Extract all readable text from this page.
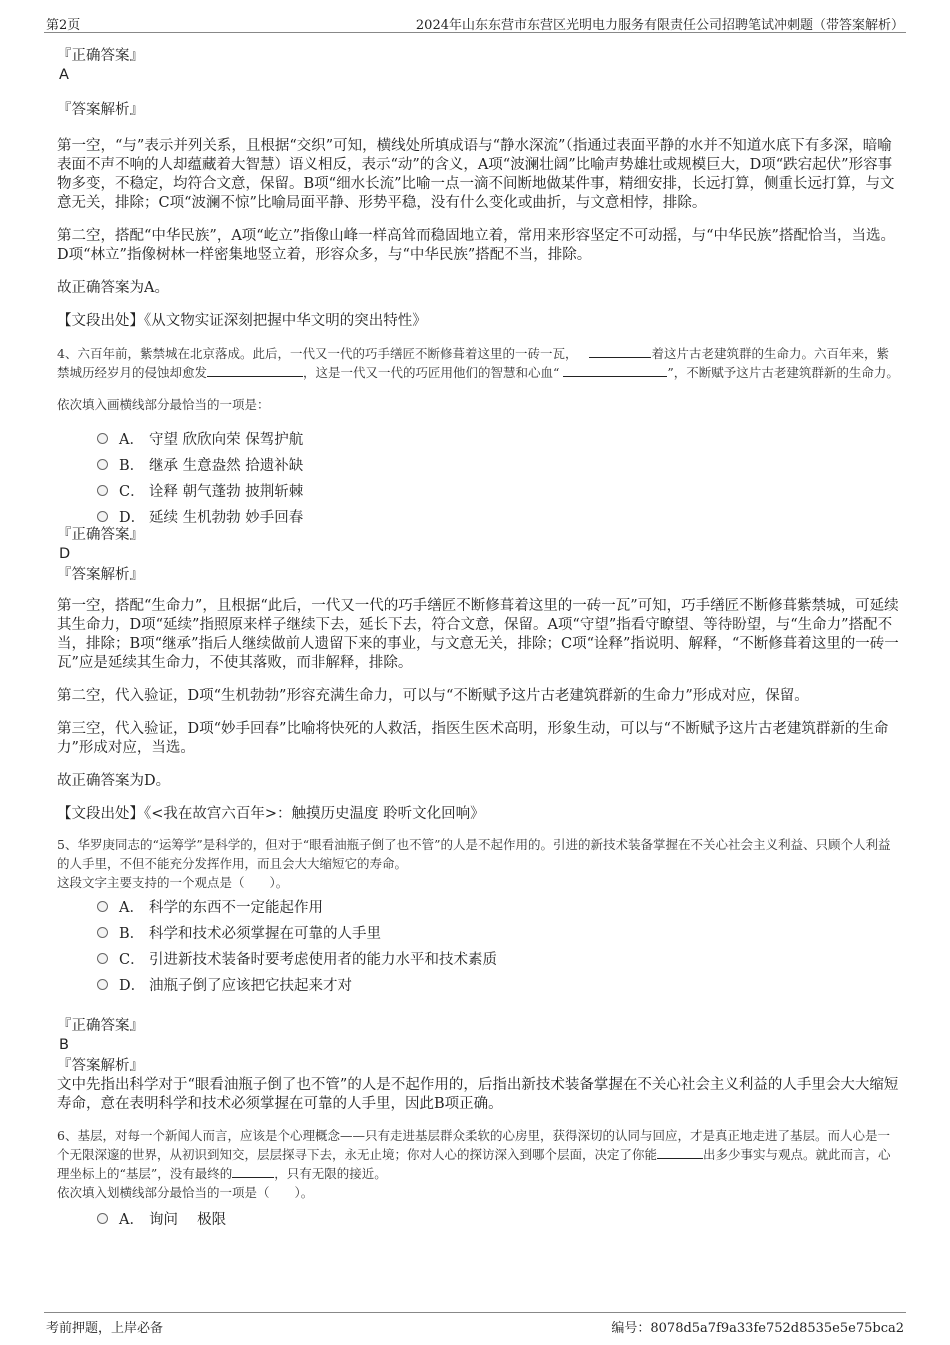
第2页	2024年山东东营市东营区光明电力服务有限责任公司招聘笔试冲刺题（带答案解析）
『正确答案』
A
『答案解析』

第一空，“与”表示并列关系，且根据“交织”可知，横线处所填成语与“静水深流”（指通过表面平静的水并不知道水底下有多深，暗喻表面不声不响的人却蕴藏着大智慧）语义相反，表示“动”的含义，A项“波澜壮阔”比喻声势雄壮或规模巨大，D项“跌宕起伏”形容事物多变，不稳定，均符合文意，保留。B项“细水长流”比喻一点一滴不间断地做某件事，精细安排，长远打算，侧重长远打算，与文意无关，排除；C项“波澜不惊”比喻局面平静、形势平稳，没有什么变化或曲折，与文意相悖，排除。

第二空，搭配“中华民族”，A项“屹立”指像山峰一样高耸而稳固地立着，常用来形容坚定不可动摇，与“中华民族”搭配恰当，当选。D项“林立”指像树林一样密集地竖立着，形容众多，与“中华民族”搭配不当，排除。

故正确答案为A。

【文段出处】《从文物实证深刻把握中华文明的突出特性》

4、六百年前，紫禁城在北京落成。此后，一代又一代的巧手缮匠不断修葺着这里的一砖一瓦，	着这片古老建筑群的生命力。六百年来，紫禁城历经岁月的侵蚀却愈发	，这是一代又一代的巧匠用他们的智慧和心血“	”，不断赋予这片古老建筑群新的生命力。

依次填入画横线部分最恰当的一项是：

A． 守望 欣欣向荣 保驾护航
B． 继承 生意盎然 拾遗补缺
C． 诠释 朝气蓬勃 披荆斩棘
D． 延续 生机勃勃 妙手回春
『正确答案』
D
『答案解析』

第一空，搭配“生命力”，且根据“此后，一代又一代的巧手缮匠不断修葺着这里的一砖一瓦”可知，巧手缮匠不断修葺紫禁城，可延续其生命力，D项“延续”指照原来样子继续下去，延长下去，符合文意，保留。A项“守望”指看守瞭望、等待盼望，与“生命力”搭配不当，排除；B项“继承”指后人继续做前人遗留下来的事业，与文意无关，排除；C项“诠释”指说明、解释，“不断修葺着这里的一砖一瓦”应是延续其生命力，不使其落败，而非解释，排除。

第二空，代入验证，D项“生机勃勃”形容充满生命力，可以与“不断赋予这片古老建筑群新的生命力”形成对应，保留。

第三空，代入验证，D项“妙手回春”比喻将快死的人救活，指医生医术高明，形象生动，可以与“不断赋予这片古老建筑群新的生命力”形成对应，当选。

故正确答案为D。

【文段出处】《<我在故宫六百年>：触摸历史温度 聆听文化回响》

5、华罗庚同志的“运筹学”是科学的，但对于“眼看油瓶子倒了也不管”的人是不起作用的。引进的新技术装备掌握在不关心社会主义利益、只顾个人利益的人手里，不但不能充分发挥作用，而且会大大缩短它的寿命。

这段文字主要支持的一个观点是（　　）。

A． 科学的东西不一定能起作用
B． 科学和技术必须掌握在可靠的人手里
C． 引进新技术装备时要考虑使用者的能力水平和技术素质
D． 油瓶子倒了应该把它扶起来才对
『正确答案』
B
『答案解析』

文中先指出科学对于“眼看油瓶子倒了也不管”的人是不起作用的，后指出新技术装备掌握在不关心社会主义利益的人手里会大大缩短寿命，意在表明科学和技术必须掌握在可靠的人手里，因此B项正确。

6、基层，对每一个新闻人而言，应该是个心理概念——只有走进基层群众柔软的心房里，获得深切的认同与回应，才是真正地走进了基层。而人心是一个无限深邃的世界，从初识到知交，层层探寻下去，永无止境；你对人心的探访深入到哪个层面，决定了你能	出多少事实与观点。就此而言，心理坐标上的“基层”，没有最终的	，只有无限的接近。

依次填入划横线部分最恰当的一项是（　　）。

A． 询问　 极限
考前押题，上岸必备	编号：8078d5a7f9a33fe752d8535e5e75bca2
